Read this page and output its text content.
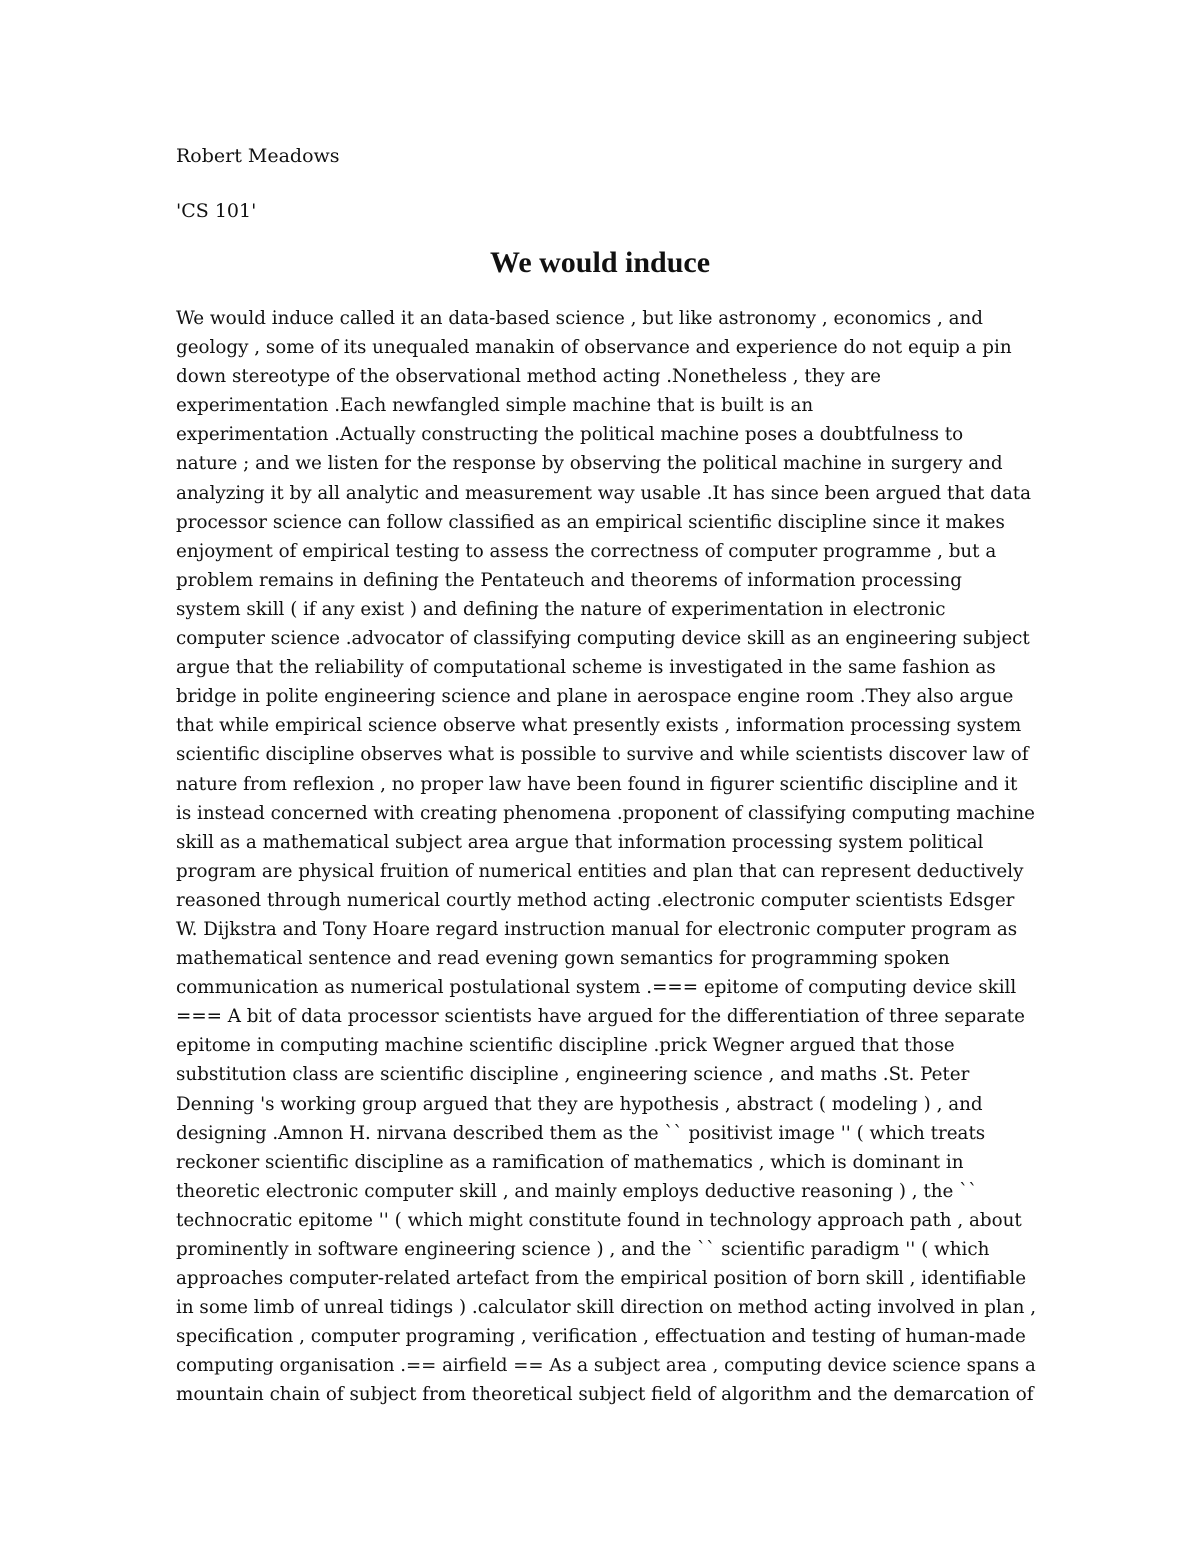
Robert Meadows

'CS 101'

We would induce
We would induce called it an data-based science , but like astronomy , economics , and
geology , some of its unequaled manakin of observance and experience do not equip a pin
down stereotype of the observational method acting .Nonetheless , they are
experimentation .Each newfangled simple machine that is built is an
experimentation .Actually constructing the political machine poses a doubtfulness to
nature ; and we listen for the response by observing the political machine in surgery and
analyzing it by all analytic and measurement way usable .It has since been argued that data
processor science can follow classified as an empirical scientific discipline since it makes
enjoyment of empirical testing to assess the correctness of computer programme , but a
problem remains in defining the Pentateuch and theorems of information processing
system skill ( if any exist ) and defining the nature of experimentation in electronic
computer science .advocator of classifying computing device skill as an engineering subject
argue that the reliability of computational scheme is investigated in the same fashion as
bridge in polite engineering science and plane in aerospace engine room .They also argue
that while empirical science observe what presently exists , information processing system
scientific discipline observes what is possible to survive and while scientists discover law of
nature from reflexion , no proper law have been found in figurer scientific discipline and it
is instead concerned with creating phenomena .proponent of classifying computing machine
skill as a mathematical subject area argue that information processing system political
program are physical fruition of numerical entities and plan that can represent deductively
reasoned through numerical courtly method acting .electronic computer scientists Edsger
W. Dijkstra and Tony Hoare regard instruction manual for electronic computer program as
mathematical sentence and read evening gown semantics for programming spoken
communication as numerical postulational system .=== epitome of computing device skill
=== A bit of data processor scientists have argued for the differentiation of three separate
epitome in computing machine scientific discipline .prick Wegner argued that those
substitution class are scientific discipline , engineering science , and maths .St. Peter
Denning 's working group argued that they are hypothesis , abstract ( modeling ) , and
designing .Amnon H. nirvana described them as the `` positivist image '' ( which treats
reckoner scientific discipline as a ramification of mathematics , which is dominant in
theoretic electronic computer skill , and mainly employs deductive reasoning ) , the ``
technocratic epitome '' ( which might constitute found in technology approach path , about
prominently in software engineering science ) , and the `` scientific paradigm '' ( which
approaches computer-related artefact from the empirical position of born skill , identifiable
in some limb of unreal tidings ) .calculator skill direction on method acting involved in plan ,
specification , computer programing , verification , effectuation and testing of human-made
computing organisation .== airfield == As a subject area , computing device science spans a
mountain chain of subject from theoretical subject field of algorithm and the demarcation of
